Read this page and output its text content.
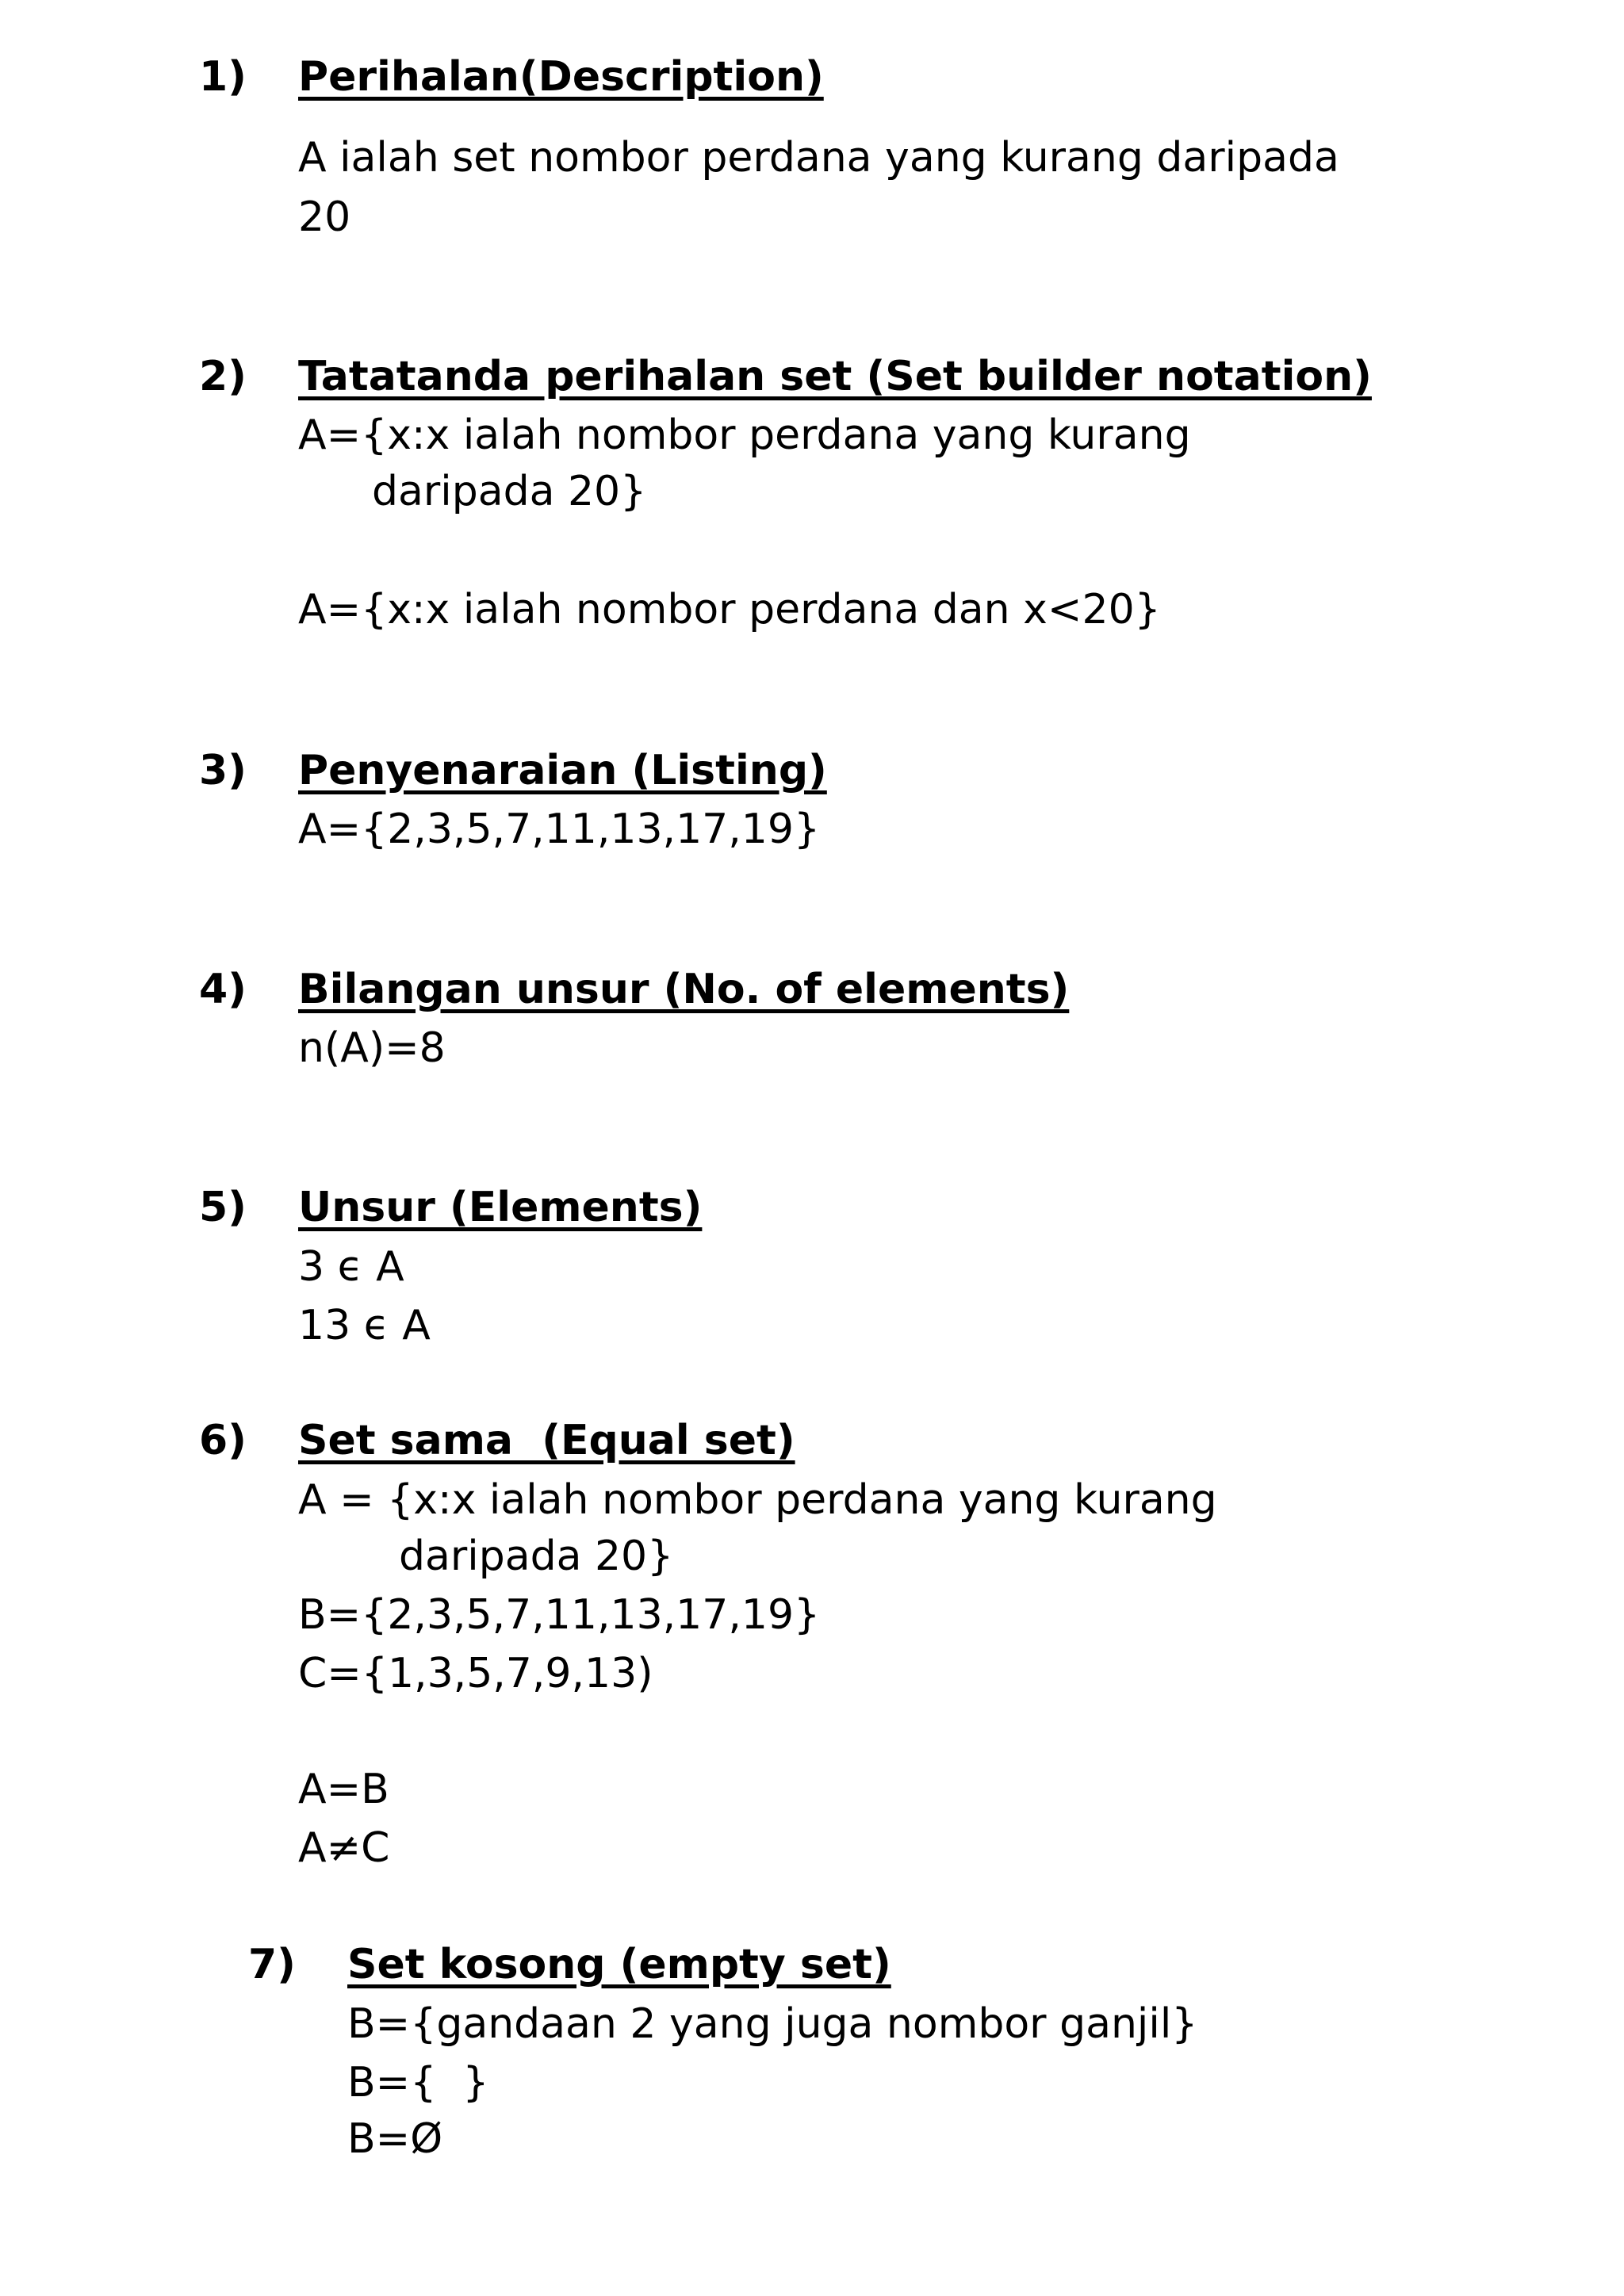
1) Perihalan(Description)
A ialah set nombor perdana yang kurang daripada
20
2) Tatatanda perihalan set (Set builder notation)
A={x:x ialah nombor perdana yang kurang
daripada 20}
A={x:x ialah nombor perdana dan x<20}
3) Penyenaraian (Listing)
A={2,3,5,7,11,13,17,19}
4) Bilangan unsur (No. of elements)
n(A)=8
5) Unsur (Elements)
3 ϵ A
13 ϵ A
6) Set sama  (Equal set)
A = {x:x ialah nombor perdana yang kurang
daripada 20}
B={2,3,5,7,11,13,17,19}
C={1,3,5,7,9,13)
A=B
A≠C
7) Set kosong (empty set)
B={gandaan 2 yang juga nombor ganjil}
B={  }
B=Ø
